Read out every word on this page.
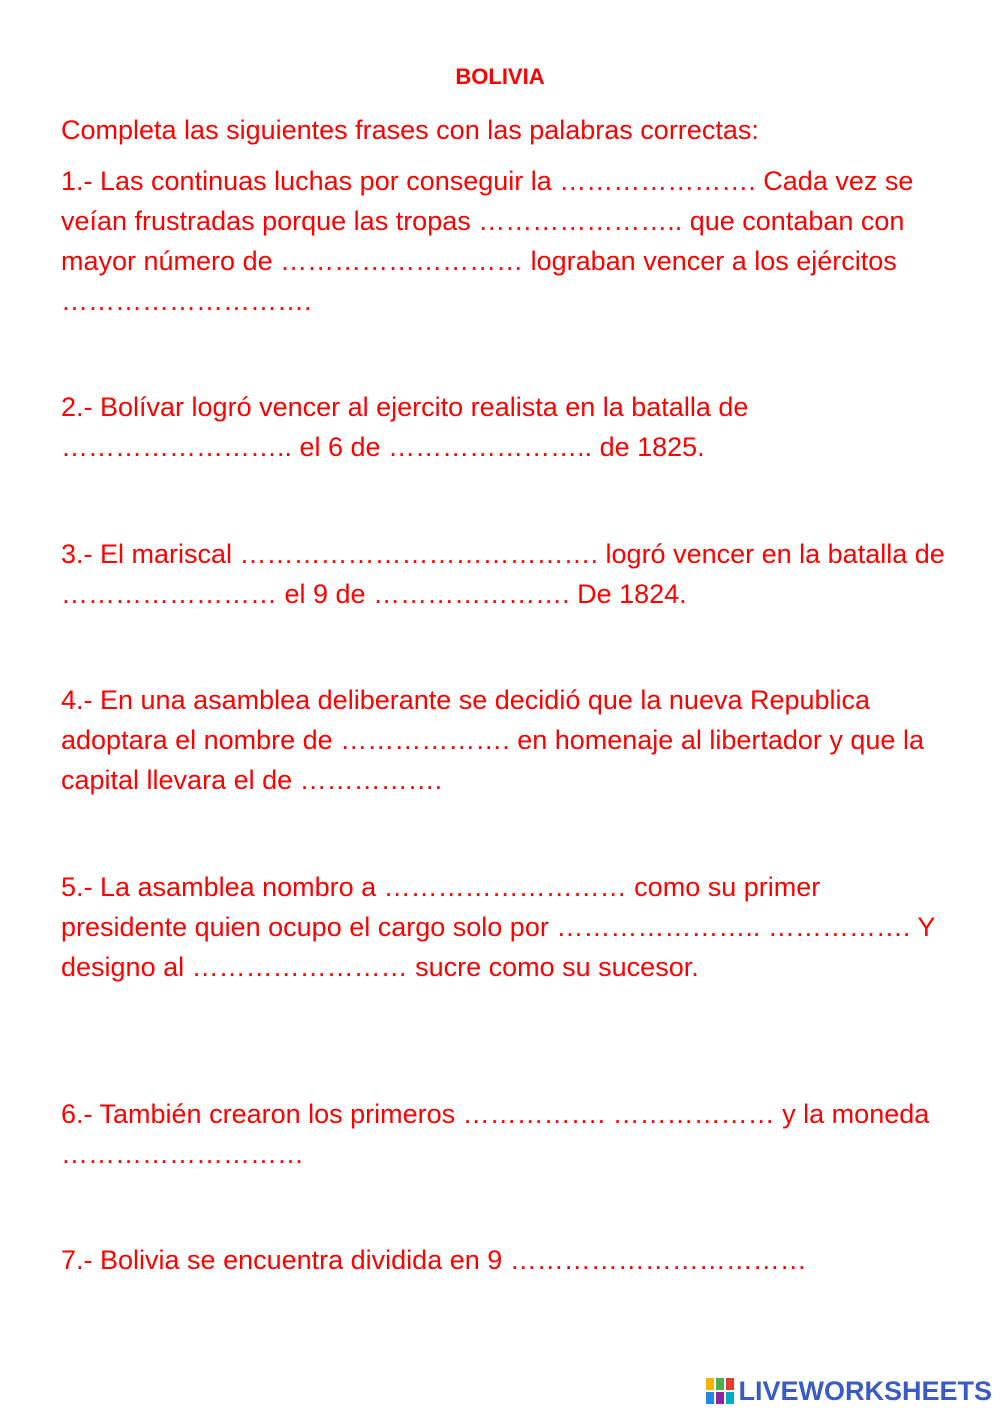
BOLIVIA
Completa las siguientes frases con las palabras correctas:

1.- Las continuas luchas por conseguir la …………………. Cada vez se veían frustradas porque las tropas ………………….. que contaban con mayor número de ……………………… lograban vencer a los ejércitos ……………………….

2.- Bolívar logró vencer al ejercito realista en la batalla de …………………….. el 6 de ………………….. de 1825.

3.- El mariscal …………………………………. logró vencer en la batalla de …………………… el 9 de …………………. De 1824.

4.- En una asamblea deliberante se decidió que la nueva Republica adoptara el nombre de ………………. en homenaje al libertador y que la capital llevara el de …………….

5.- La asamblea nombro a ……………………… como su primer presidente quien ocupo el cargo solo por ………………….. ……………. Y designo al …………………… sucre como su sucesor.

6.- También crearon los primeros ……………. ……………… y la moneda ………………………

7.- Bolivia se encuentra dividida en 9 ……………………………

LIVEWORKSHEETS
